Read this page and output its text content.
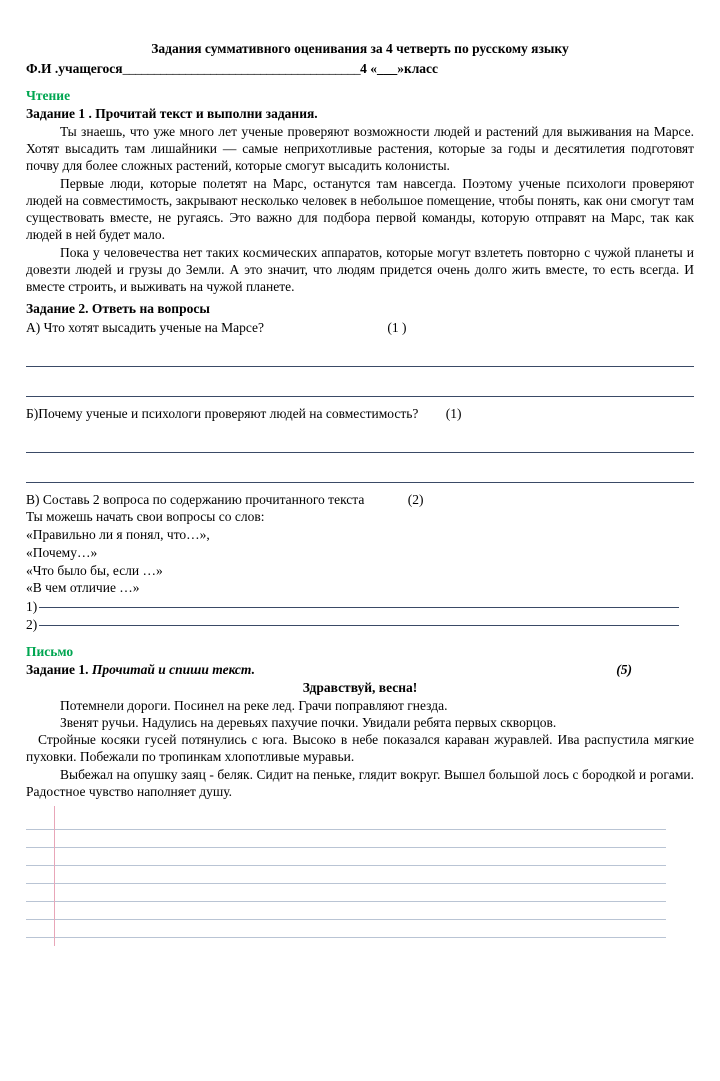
Задания суммативного оценивания за 4 четверть по русскому языку
Ф.И .учащегося______________________________________4 «___»класс
Чтение
Задание 1 . Прочитай текст и выполни задания.

Ты знаешь, что уже много лет ученые проверяют возможности людей и растений для выживания на Марсе. Хотят высадить там лишайники — самые неприхотливые растения, которые за годы и десятилетия подготовят почву для более сложных растений, которые смогут высадить колонисты.

Первые люди, которые полетят на Марс, останутся там навсегда. Поэтому ученые психологи проверяют людей на совместимость, закрывают несколько человек в небольшое помещение, чтобы понять, как они смогут там существовать вместе, не ругаясь. Это важно для подбора первой команды, которую отправят на Марс, так как людей в ней будет мало.

Пока у человечества нет таких космических аппаратов, которые могут взлететь повторно с чужой планеты и довезти людей и грузы до Земли. А это значит, что людям придется очень долго жить вместе, то есть всегда. И вместе строить, и выживать на чужой планете.

Задание 2. Ответь на вопросы
А) Что хотят высадить ученые на Марсе?	(1 )
Б)Почему ученые и психологи проверяют людей на совместимость? (1)
В) Составь 2 вопроса по содержанию прочитанного текста	(2)

Ты можешь начать свои вопросы со слов:

«Правильно ли я понял, что…»,

«Почему…»

«Что было бы, если …»

«В чем отличие …»

1)
2)
Письмо
Задание 1. Прочитай и спиши текст.	(5)
Здравствуй, весна!

Потемнели дороги. Посинел на реке лед. Грачи поправляют гнезда.

Звенят ручьи. Надулись на деревьях пахучие почки. Увидали ребята первых скворцов.

Стройные косяки гусей потянулись с юга. Высоко в небе показался караван журавлей. Ива распустила мягкие пуховки. Побежали по тропинкам хлопотливые муравьи.

Выбежал на опушку заяц - беляк. Сидит на пеньке, глядит вокруг. Вышел большой лось с бородкой и рогами. Радостное чувство наполняет душу.
